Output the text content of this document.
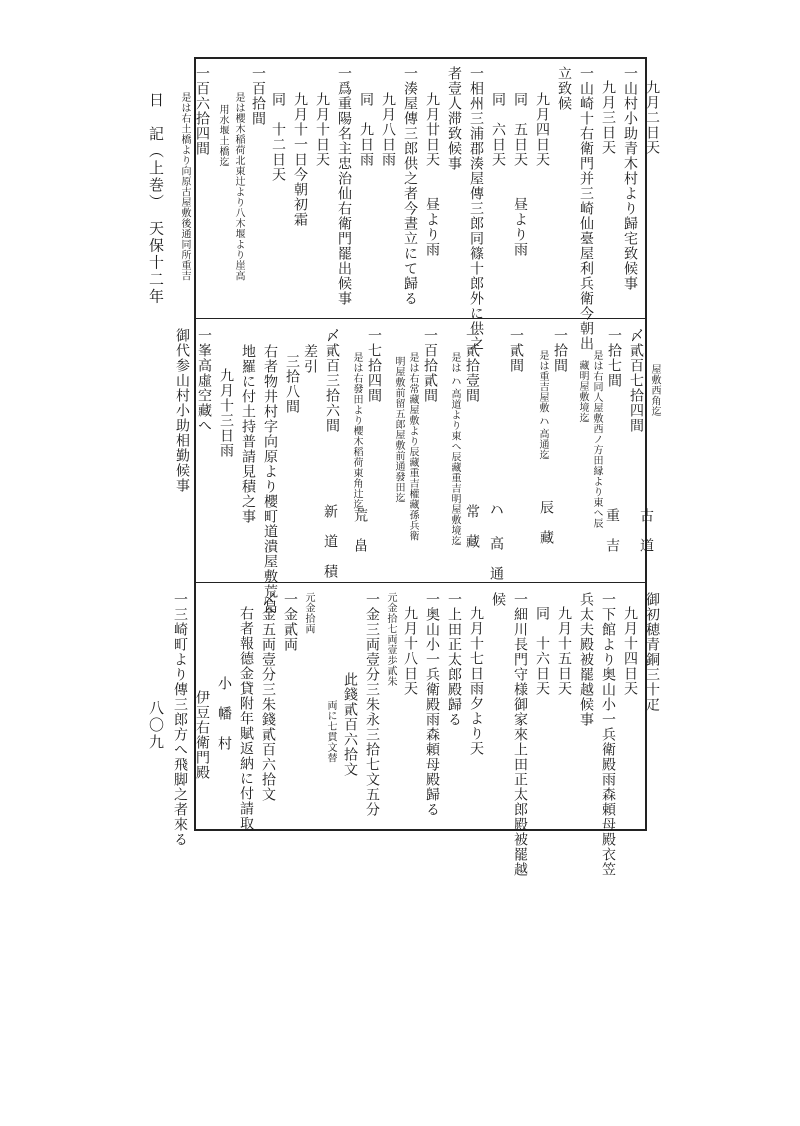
日　記（上巻）　天保十二年
八〇九
九月二日天
一山村小助青木村より歸宅致候事
九月三日天
一山崎十右衛門并三崎仙臺屋利兵衛今朝出
立致候
九月四日天
同　五日天　　昼より雨
同　六日天
一相州三浦郡湊屋傳三郎同篠十郎外に供之
者壹人滞致候事
九月廿日天　　昼より雨
一湊屋傳三郎供之者今晝立にて歸る
九月八日雨
同　九日雨
一爲重陽名主忠治仙右衛門罷出候事
九月十日天
九月十一日今朝初霜
同　十二日天
一百拾間
是は櫻木稲荷北東辻より八木堰より崖高
用水堰土橋迄
一百六拾四間
是は右土橋より向原古屋敷後通同所重吉
屋敷西角迄
〆貳百七拾四間
一拾七間
是は右同人屋敷西ノ方田縁より東へ辰
藏明屋敷境迄
古　道
重　吉
一拾間
是は重吉屋敷𛂞高通迄
辰　藏
一貳間
𛂞　高　通
一貳拾壹間
是は𛂞高道より東へ辰藏重吉明屋敷境迄 常　藏
一百拾貳間
是は右常藏屋敷より辰藏重吉權藏孫兵衛
明屋敷前留五郎屋敷前通發田迄
一七拾四間
是は右發田より櫻木稻荷東角辻迄
荒　畠
〆貳百三拾六間
新　道　積
差引
三拾八間
右者物井村字向原より櫻町道潰屋敷荒畠
地羅に付土持普請見積之事
九月十三日雨
一峯高虛空藏へ
御代参山村小助相勤候事
御初穂青銅三十疋
九月十四日天
一下館より奥山小一兵衛殿雨森頼母殿衣笠
兵太夫殿被罷越候事
九月十五日天
同　十六日天
一細川長門守様御家來上田正太郎殿被罷越
候
九月十七日雨夕より天
一上田正太郎殿歸る
一奥山小一兵衛殿雨森頼母殿歸る
九月十八日天
元金拾七両壹歩貳朱
一金三両壹分三朱永三拾七文五分
此錢貳百六拾文
両に七貫文替
元金拾両
一金貳両
〆金五両壹分三朱錢貳百六拾文
右者報德金貸附年賦返納に付請取
小　幡　村
伊豆右衛門殿
一三崎町より傳三郎方へ飛脚之者來る
